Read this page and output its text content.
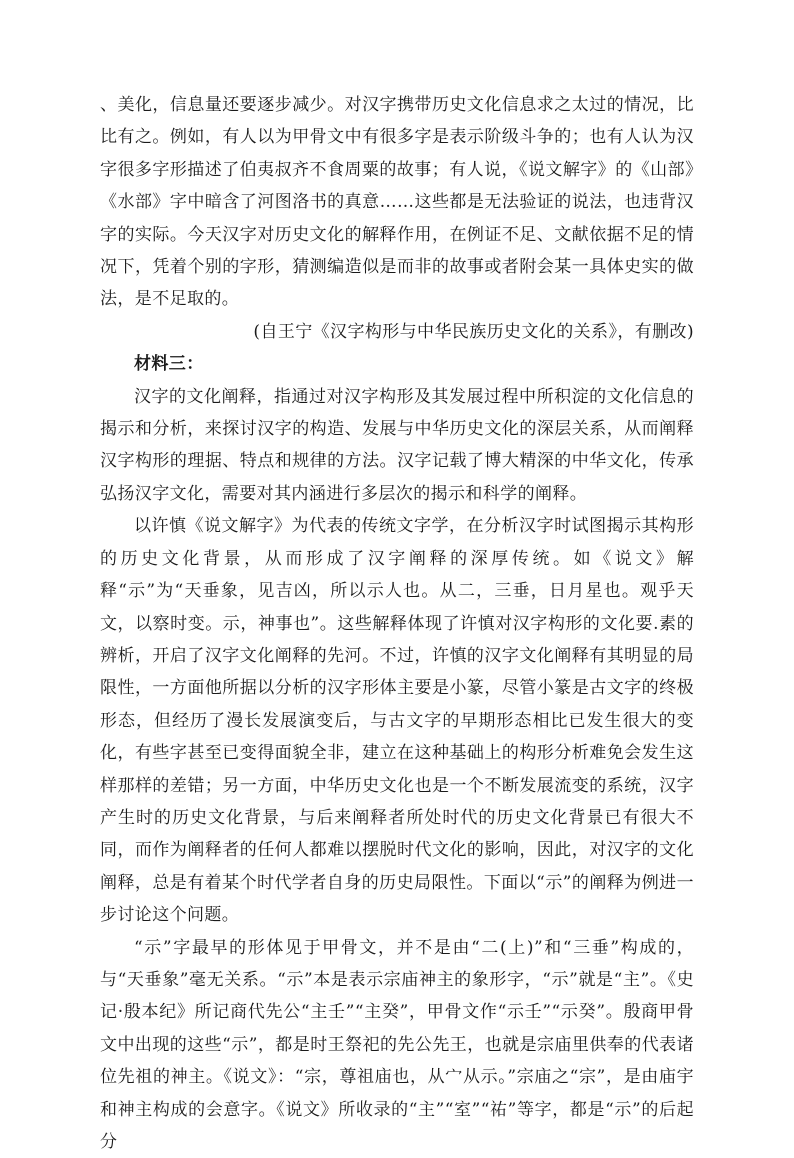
、美化，信息量还要逐步减少。对汉字携带历史文化信息求之太过的情况，比比有之。例如，有人以为甲骨文中有很多字是表示阶级斗争的；也有人认为汉字很多字形描述了伯夷叔齐不食周粟的故事；有人说，《说文解字》的《山部》《水部》字中暗含了河图洛书的真意……这些都是无法验证的说法，也违背汉字的实际。今天汉字对历史文化的解释作用，在例证不足、文献依据不足的情况下，凭着个别的字形，猜测编造似是而非的故事或者附会某一具体史实的做法，是不足取的。

(自王宁《汉字构形与中华民族历史文化的关系》，有删改)

材料三：

汉字的文化阐释，指通过对汉字构形及其发展过程中所积淀的文化信息的揭示和分析，来探讨汉字的构造、发展与中华历史文化的深层关系，从而阐释汉字构形的理据、特点和规律的方法。汉字记载了博大精深的中华文化，传承弘扬汉字文化，需要对其内涵进行多层次的揭示和科学的阐释。

以许慎《说文解字》为代表的传统文字学，在分析汉字时试图揭示其构形的历史文化背景，从而形成了汉字阐释的深厚传统。如《说文》解释“示”为“天垂象，见吉凶，所以示人也。从二，三垂，日月星也。观乎天文，以察时变。示，神事也”。这些解释体现了许慎对汉字构形的文化要.素的辨析，开启了汉字文化阐释的先河。不过，许慎的汉字文化阐释有其明显的局限性，一方面他所据以分析的汉字形体主要是小篆，尽管小篆是古文字的终极形态，但经历了漫长发展演变后，与古文字的早期形态相比已发生很大的变化，有些字甚至已变得面貌全非，建立在这种基础上的构形分析难免会发生这样那样的差错；另一方面，中华历史文化也是一个不断发展流变的系统，汉字产生时的历史文化背景，与后来阐释者所处时代的历史文化背景已有很大不同，而作为阐释者的任何人都难以摆脱时代文化的影响，因此，对汉字的文化阐释，总是有着某个时代学者自身的历史局限性。下面以“示”的阐释为例进一步讨论这个问题。

“示”字最早的形体见于甲骨文，并不是由“二(上)”和“三垂”构成的，与“天垂象”毫无关系。“示”本是表示宗庙神主的象形字，“示”就是“主”。《史记·殷本纪》所记商代先公“主壬”“主癸”，甲骨文作“示壬”“示癸”。殷商甲骨文中出现的这些“示”，都是时王祭祀的先公先王，也就是宗庙里供奉的代表诸位先祖的神主。《说文》：“宗，尊祖庙也，从宀从示。”宗庙之“宗”，是由庙宇和神主构成的会意字。《说文》所收录的“主”“室”“祐”等字，都是“示”的后起分
